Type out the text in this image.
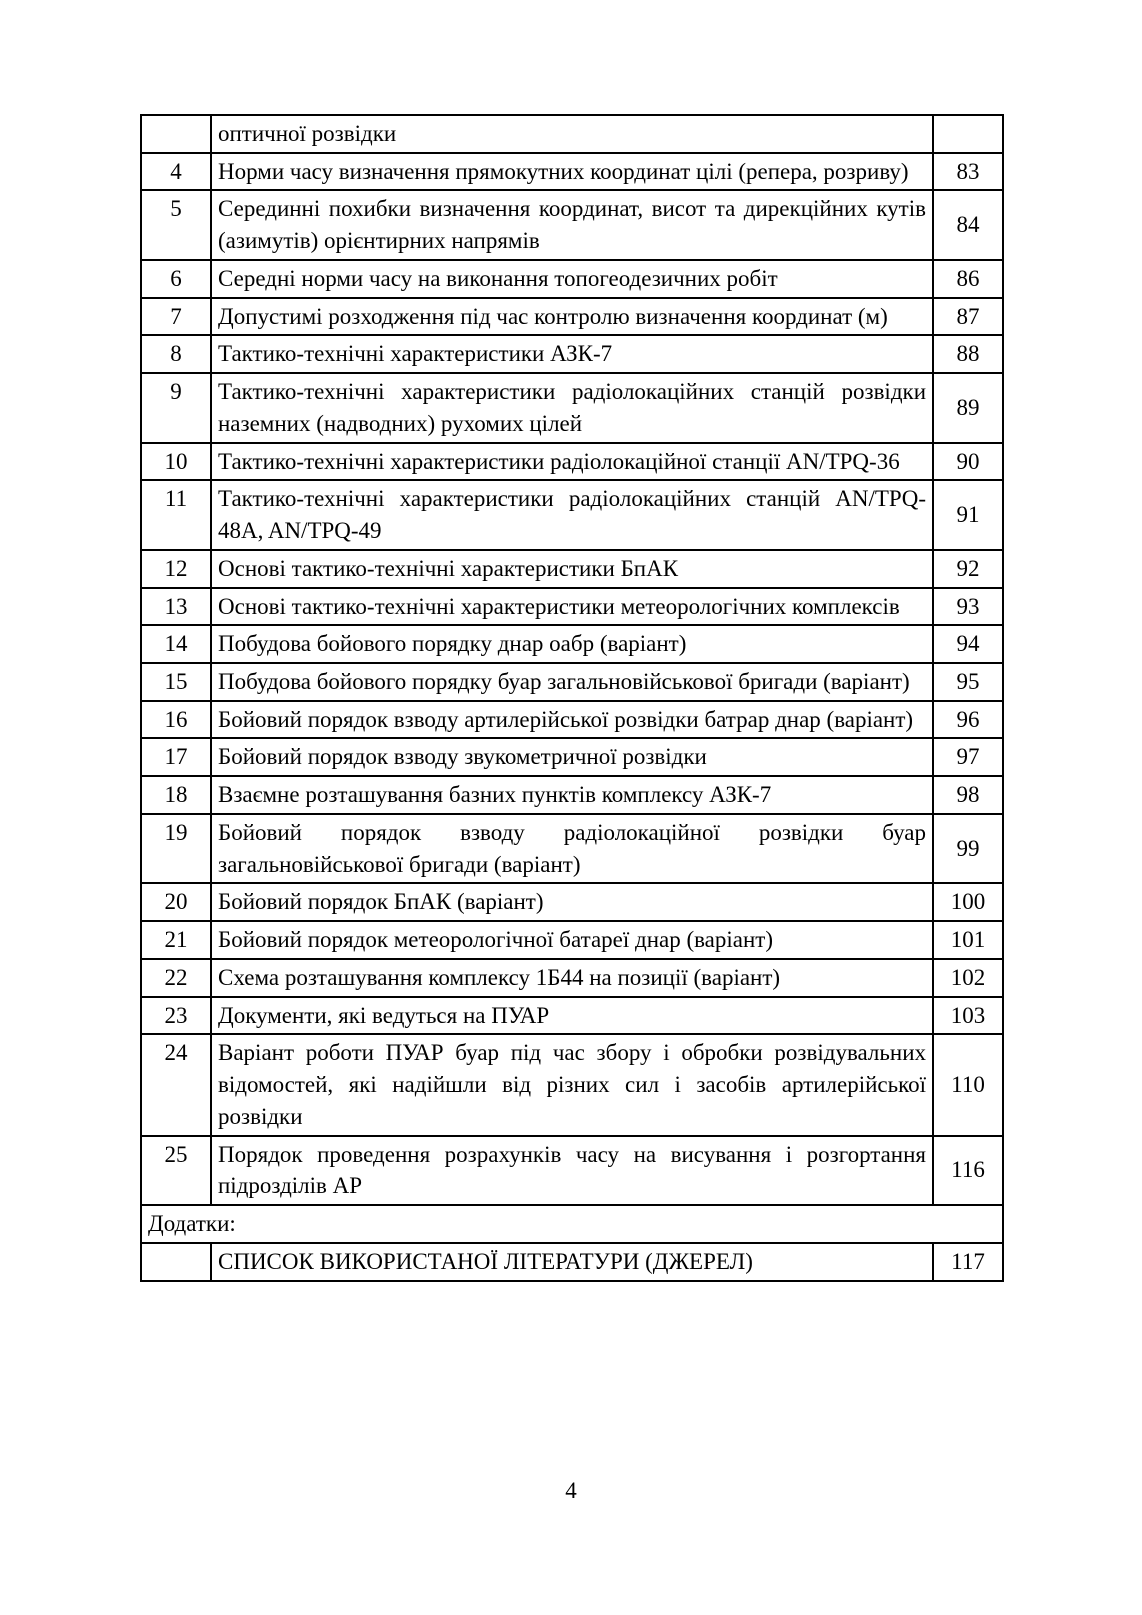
	оптичної розвідки	
4	Норми часу визначення прямокутних координат цілі (репера, розриву)	83
5	Серединні похибки визначення координат, висот та дирекційних кутів (азимутів) орієнтирних напрямів	84
6	Середні норми часу на виконання топогеодезичних робіт	86
7	Допустимі розходження під час контролю визначення координат (м)	87
8	Тактико-технічні характеристики АЗК-7	88
9	Тактико-технічні характеристики радіолокаційних станцій розвідки наземних (надводних) рухомих цілей	89
10	Тактико-технічні характеристики радіолокаційної станції AN/TPQ-36	90
11	Тактико-технічні характеристики радіолокаційних станцій AN/TPQ-48A, AN/TPQ-49	91
12	Основі тактико-технічні характеристики БпАК	92
13	Основі тактико-технічні характеристики метеорологічних комплексів	93
14	Побудова бойового порядку днар оабр (варіант)	94
15	Побудова бойового порядку буар загальновійськової бригади (варіант)	95
16	Бойовий порядок взводу артилерійської розвідки батрар днар (варіант)	96
17	Бойовий порядок взводу звукометричної розвідки	97
18	Взаємне розташування базних пунктів комплексу АЗК-7	98
19	Бойовий порядок взводу радіолокаційної розвідки буар загальновійськової бригади (варіант)	99
20	Бойовий порядок БпАК (варіант)	100
21	Бойовий порядок метеорологічної батареї днар (варіант)	101
22	Схема розташування комплексу 1Б44 на позиції (варіант)	102
23	Документи, які ведуться на ПУАР	103
24	Варіант роботи ПУАР буар під час збору і обробки розвідувальних відомостей, які надійшли від різних сил і засобів артилерійської розвідки	110
25	Порядок проведення розрахунків часу на висування і розгортання підрозділів АР	116
Додатки:		
	СПИСОК ВИКОРИСТАНОЇ ЛІТЕРАТУРИ (ДЖЕРЕЛ)	117
4
